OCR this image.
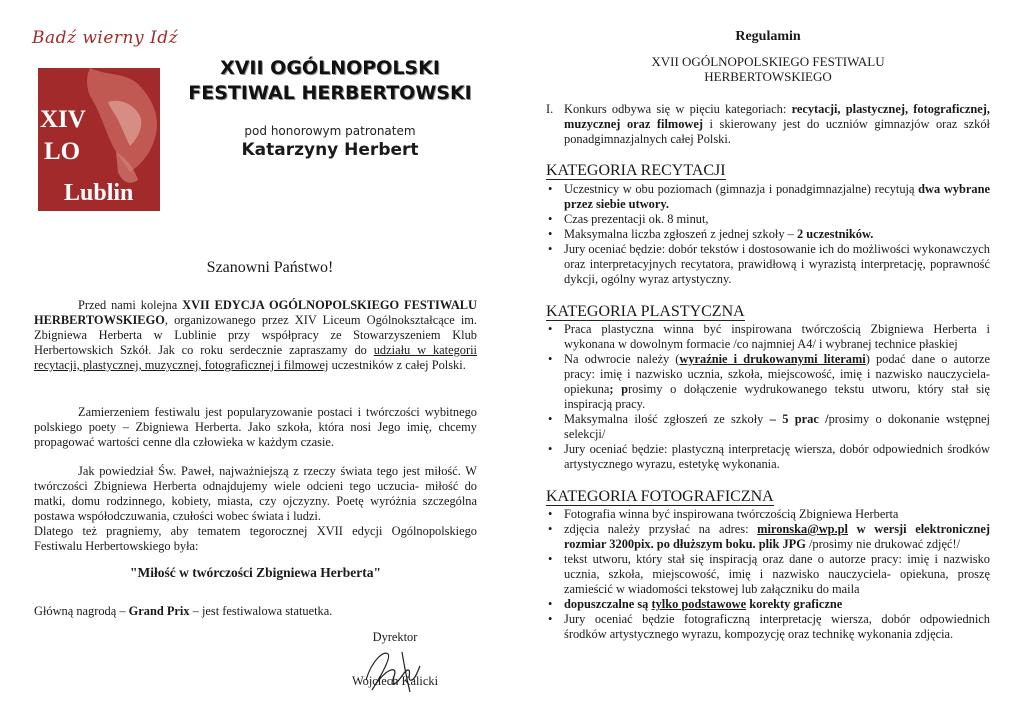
Badź wierny Idź
XIV
LO
Lublin
XVII OGÓLNOPOLSKI
FESTIWAL HERBERTOWSKI
pod honorowym patronatem
Katarzyny Herbert
Szanowni Państwo!

Przed nami kolejna XVII EDYCJA OGÓLNOPOLSKIEGO FESTIWALU HERBERTOWSKIEGO, organizowanego przez XIV Liceum Ogólnokształcące im. Zbigniewa Herberta w Lublinie przy współpracy ze Stowarzyszeniem Klub Herbertowskich Szkół. Jak co roku serdecznie zapraszamy do udziału w kategorii recytacji, plastycznej, muzycznej, fotograficznej i filmowej uczestników z całej Polski.

Zamierzeniem festiwalu jest popularyzowanie postaci i twórczości wybitnego polskiego poety – Zbigniewa Herberta. Jako szkoła, która nosi Jego imię, chcemy propagować wartości cenne dla człowieka w każdym czasie.

Jak powiedział Św. Paweł, najważniejszą z rzeczy świata tego jest miłość. W twórczości Zbigniewa Herberta odnajdujemy wiele odcieni tego uczucia- miłość do matki, domu rodzinnego, kobiety, miasta, czy ojczyzny. Poetę wyróżnia szczególna postawa współodczuwania, czułości wobec świata i ludzi.

Dlatego też pragniemy, aby tematem tegorocznej XVII edycji Ogólnopolskiego Festiwalu Herbertowskiego była:

"Miłość w twórczości Zbigniewa Herberta"
Główną nagrodą – Grand Prix – jest festiwalowa statuetka.
Dyrektor
Wojciech Kalicki
Regulamin
XVII OGÓLNOPOLSKIEGO FESTIWALU
HERBERTOWSKIEGO
I. Konkurs odbywa się w pięciu kategoriach: recytacji, plastycznej, fotograficznej, muzycznej oraz filmowej i skierowany jest do uczniów gimnazjów oraz szkół ponadgimnazjalnych całej Polski.
KATEGORIA RECYTACJI
• Uczestnicy w obu poziomach (gimnazja i ponadgimnazjalne) recytują dwa wybrane przez siebie utwory.
• Czas prezentacji ok. 8 minut,
• Maksymalna liczba zgłoszeń z jednej szkoły – 2 uczestników.
• Jury oceniać będzie: dobór tekstów i dostosowanie ich do możliwości wykonawczych oraz interpretacyjnych recytatora, prawidłową i wyrazistą interpretację, poprawność dykcji, ogólny wyraz artystyczny.
KATEGORIA PLASTYCZNA
• Praca plastyczna winna być inspirowana twórczością Zbigniewa Herberta i wykonana w dowolnym formacie /co najmniej A4/ i wybranej technice płaskiej
• Na odwrocie należy (wyraźnie i drukowanymi literami) podać dane o autorze pracy: imię i nazwisko ucznia, szkoła, miejscowość, imię i nazwisko nauczyciela-opiekuna; prosimy o dołączenie wydrukowanego tekstu utworu, który stał się inspiracją pracy.
• Maksymalna ilość zgłoszeń ze szkoły – 5 prac /prosimy o dokonanie wstępnej selekcji/
• Jury oceniać będzie: plastyczną interpretację wiersza, dobór odpowiednich środków artystycznego wyrazu, estetykę wykonania.
KATEGORIA FOTOGRAFICZNA
• Fotografia winna być inspirowana twórczością Zbigniewa Herberta
• zdjęcia należy przysłać na adres: mironska@wp.pl w wersji elektronicznej rozmiar 3200pix. po dłuższym boku. plik JPG /prosimy nie drukować zdjęć!/
• tekst utworu, który stał się inspiracją oraz dane o autorze pracy: imię i nazwisko ucznia, szkoła, miejscowość, imię i nazwisko nauczyciela- opiekuna, proszę zamieścić w wiadomości tekstowej lub załączniku do maila
• dopuszczalne są tylko podstawowe korekty graficzne
• Jury oceniać będzie fotograficzną interpretację wiersza, dobór odpowiednich środków artystycznego wyrazu, kompozycję oraz technikę wykonania zdjęcia.
